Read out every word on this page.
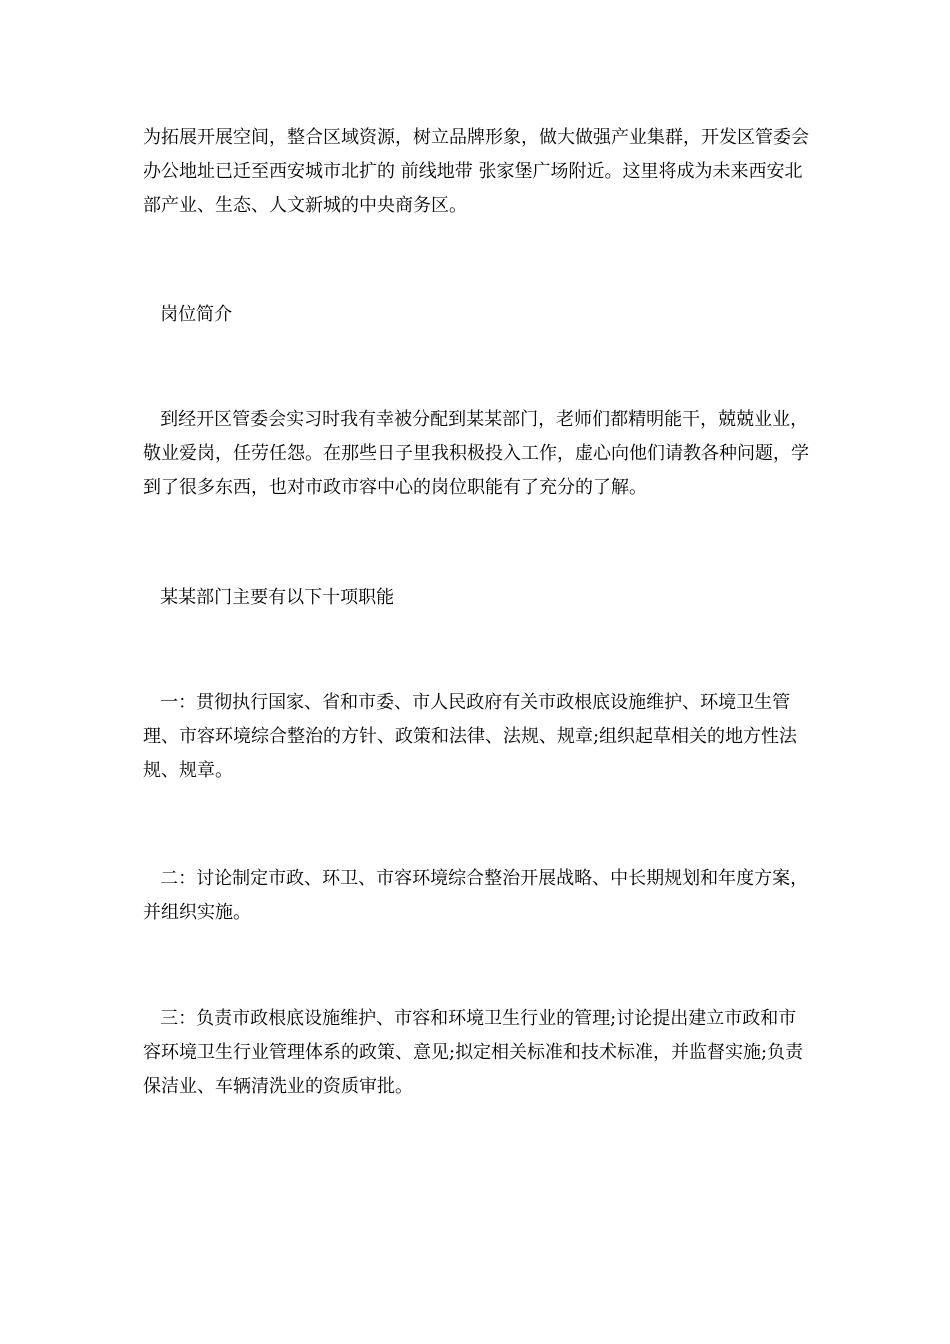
为拓展开展空间，整合区域资源，树立品牌形象，做大做强产业集群，开发区管委会办公地址已迁至西安城市北扩的 前线地带 张家堡广场附近。这里将成为未来西安北部产业、生态、人文新城的中央商务区。

岗位简介

到经开区管委会实习时我有幸被分配到某某部门，老师们都精明能干，兢兢业业，敬业爱岗，任劳任怨。在那些日子里我积极投入工作，虚心向他们请教各种问题，学到了很多东西，也对市政市容中心的岗位职能有了充分的了解。

某某部门主要有以下十项职能

一：贯彻执行国家、省和市委、市人民政府有关市政根底设施维护、环境卫生管理、市容环境综合整治的方针、政策和法律、法规、规章;组织起草相关的地方性法规、规章。

二：讨论制定市政、环卫、市容环境综合整治开展战略、中长期规划和年度方案，并组织实施。

三：负责市政根底设施维护、市容和环境卫生行业的管理;讨论提出建立市政和市容环境卫生行业管理体系的政策、意见;拟定相关标准和技术标准，并监督实施;负责保洁业、车辆清洗业的资质审批。
